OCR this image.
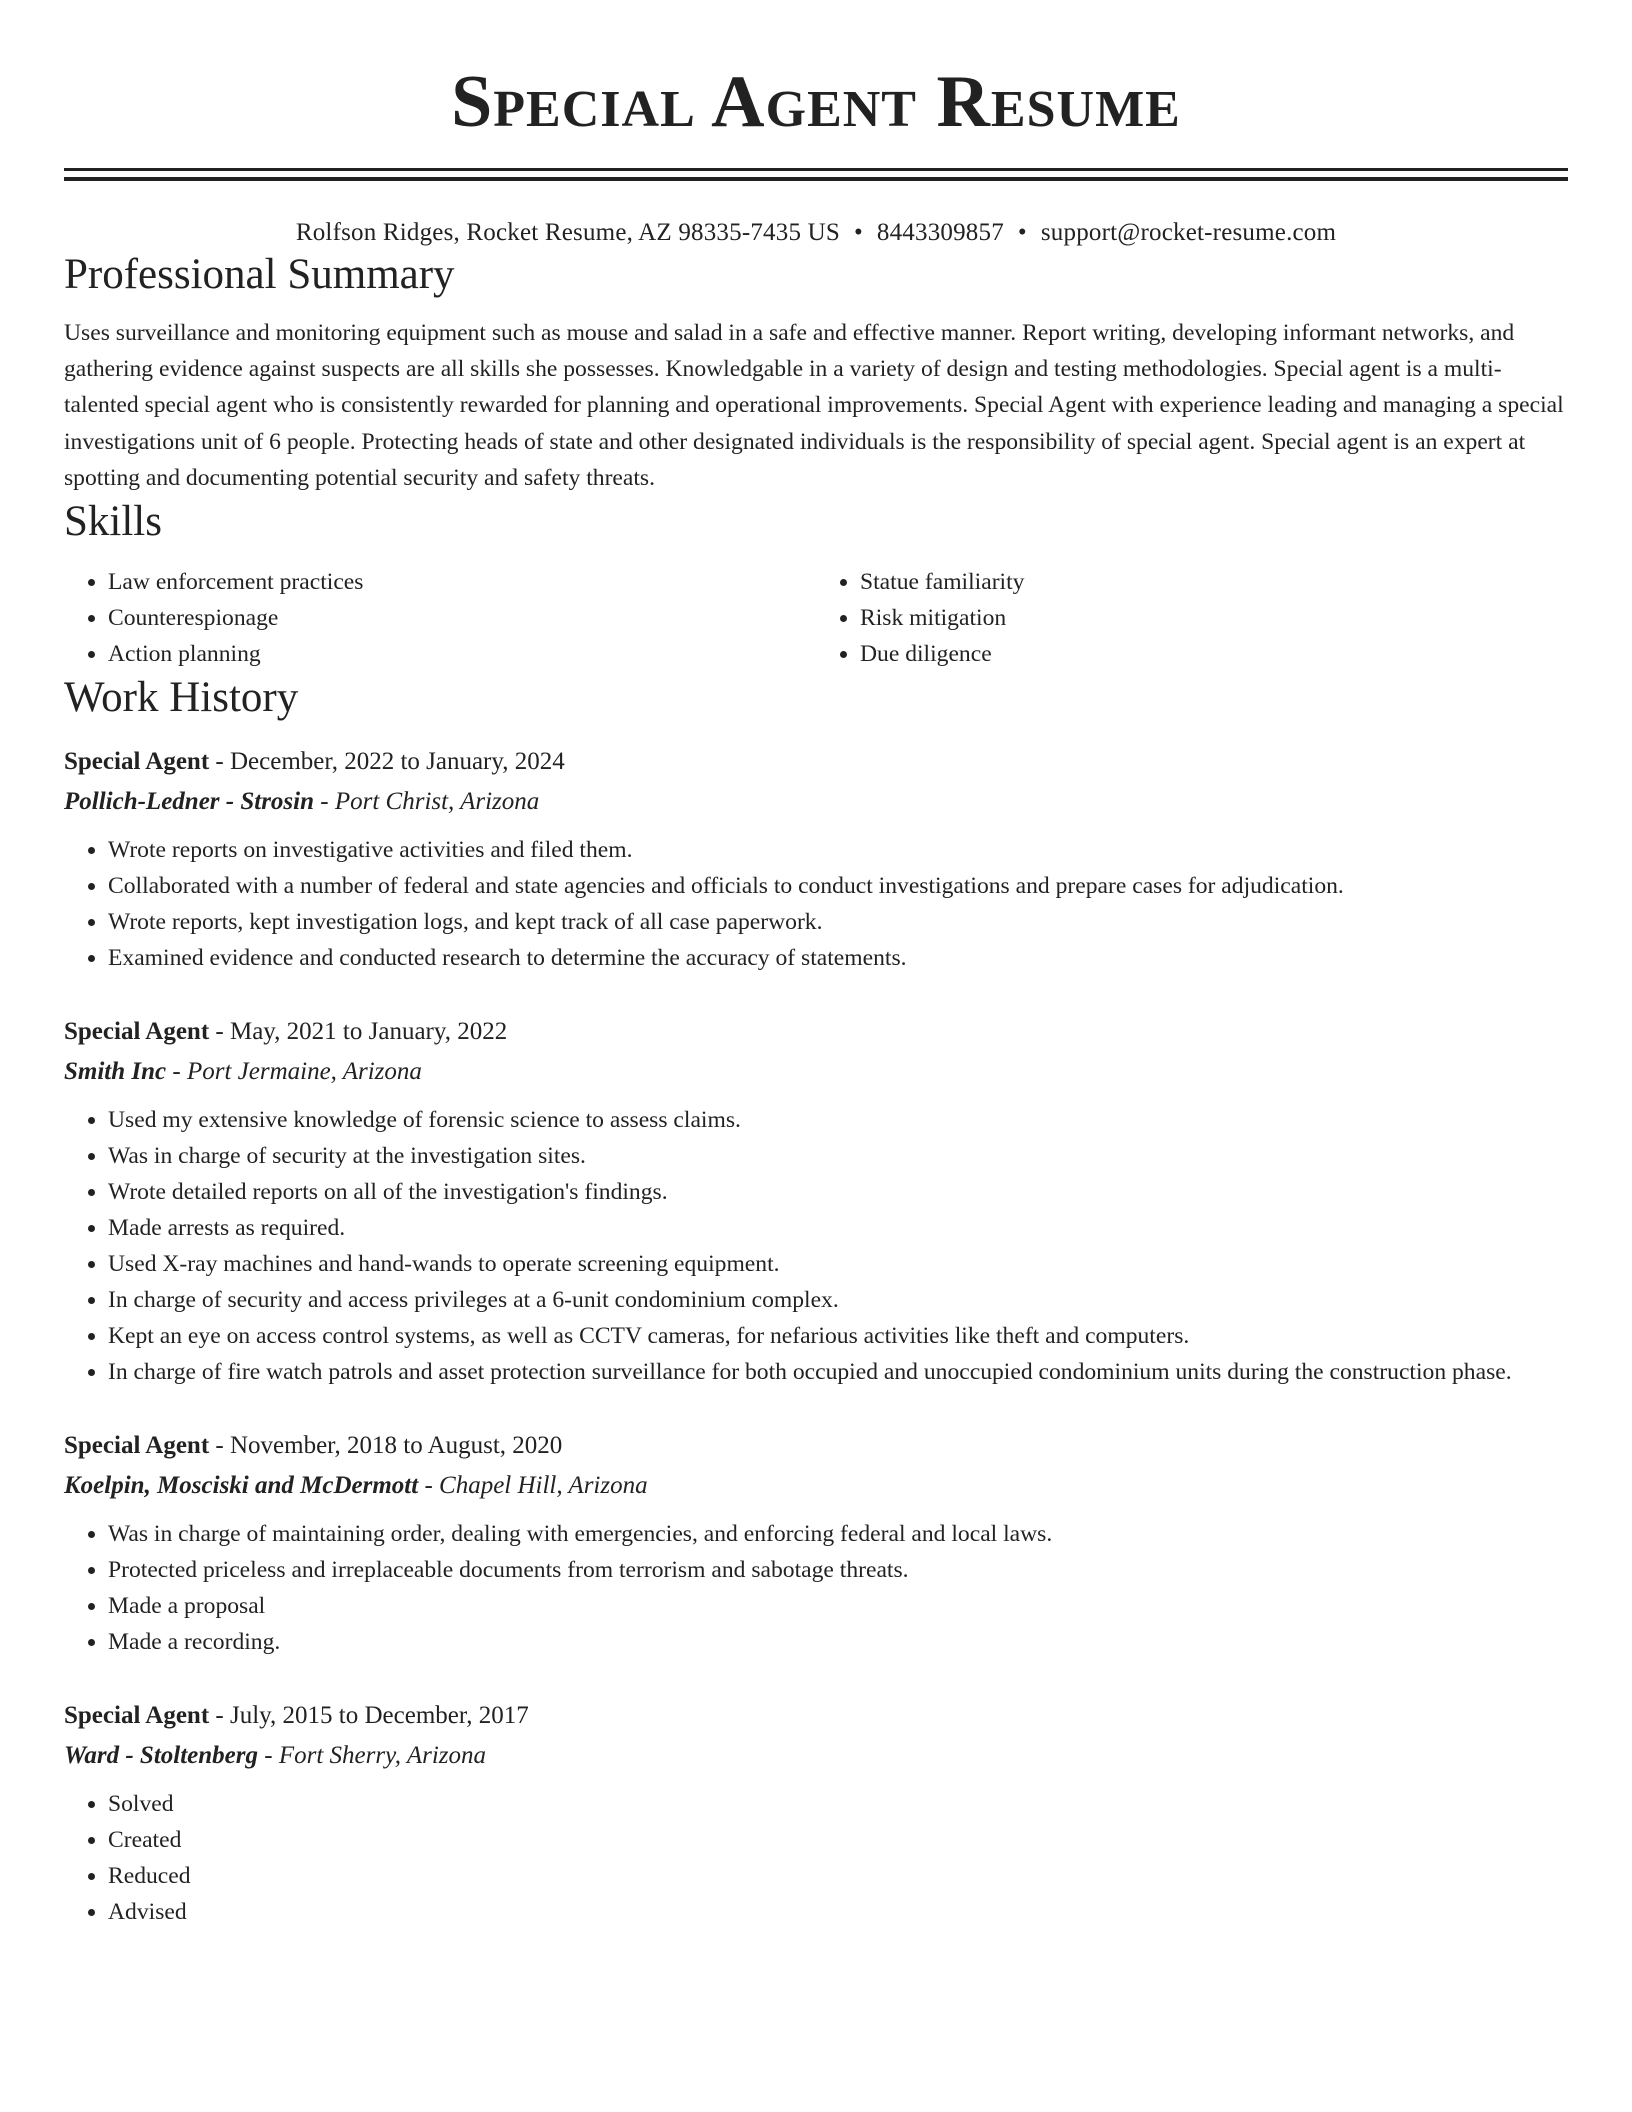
Special Agent Resume
Rolfson Ridges, Rocket Resume, AZ 98335-7435 US • 8443309857 • support@rocket-resume.com
Professional Summary
Uses surveillance and monitoring equipment such as mouse and salad in a safe and effective manner. Report writing, developing informant networks, and gathering evidence against suspects are all skills she possesses. Knowledgable in a variety of design and testing methodologies. Special agent is a multi-talented special agent who is consistently rewarded for planning and operational improvements. Special Agent with experience leading and managing a special investigations unit of 6 people. Protecting heads of state and other designated individuals is the responsibility of special agent. Special agent is an expert at spotting and documenting potential security and safety threats.
Skills
• Law enforcement practices
• Counterespionage
• Action planning
• Statue familiarity
• Risk mitigation
• Due diligence
Work History
Special Agent - December, 2022 to January, 2024
Pollich-Ledner - Strosin - Port Christ, Arizona
• Wrote reports on investigative activities and filed them.
• Collaborated with a number of federal and state agencies and officials to conduct investigations and prepare cases for adjudication.
• Wrote reports, kept investigation logs, and kept track of all case paperwork.
• Examined evidence and conducted research to determine the accuracy of statements.
Special Agent - May, 2021 to January, 2022
Smith Inc - Port Jermaine, Arizona
• Used my extensive knowledge of forensic science to assess claims.
• Was in charge of security at the investigation sites.
• Wrote detailed reports on all of the investigation's findings.
• Made arrests as required.
• Used X-ray machines and hand-wands to operate screening equipment.
• In charge of security and access privileges at a 6-unit condominium complex.
• Kept an eye on access control systems, as well as CCTV cameras, for nefarious activities like theft and computers.
• In charge of fire watch patrols and asset protection surveillance for both occupied and unoccupied condominium units during the construction phase.
Special Agent - November, 2018 to August, 2020
Koelpin, Mosciski and McDermott - Chapel Hill, Arizona
• Was in charge of maintaining order, dealing with emergencies, and enforcing federal and local laws.
• Protected priceless and irreplaceable documents from terrorism and sabotage threats.
• Made a proposal
• Made a recording.
Special Agent - July, 2015 to December, 2017
Ward - Stoltenberg - Fort Sherry, Arizona
• Solved
• Created
• Reduced
• Advised
